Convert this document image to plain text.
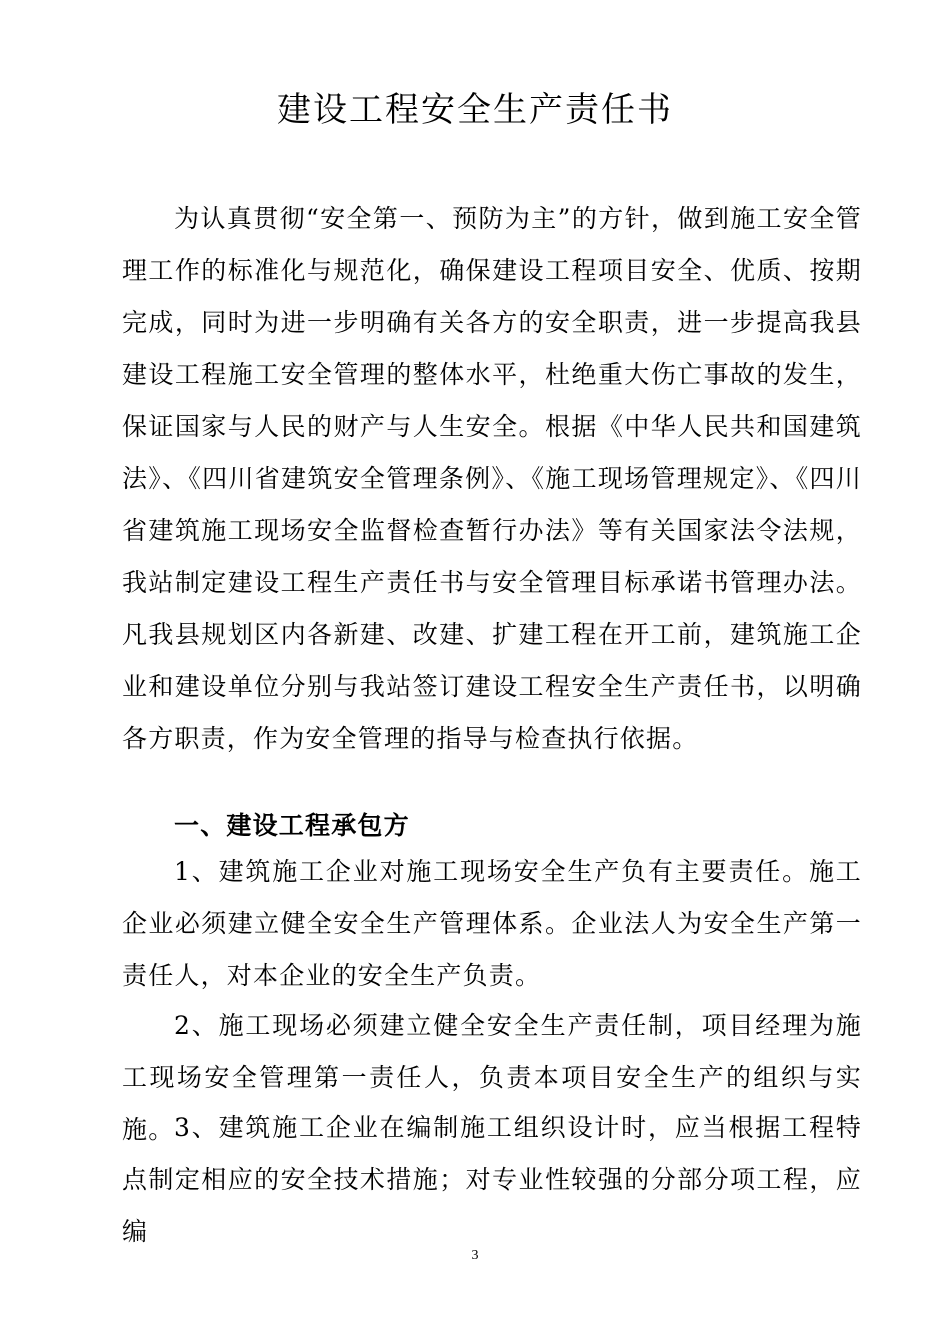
建设工程安全生产责任书

为认真贯彻“安全第一、预防为主”的方针，做到施工安全管理工作的标准化与规范化，确保建设工程项目安全、优质、按期完成，同时为进一步明确有关各方的安全职责，进一步提高我县建设工程施工安全管理的整体水平，杜绝重大伤亡事故的发生，保证国家与人民的财产与人生安全。根据《中华人民共和国建筑法》、《四川省建筑安全管理条例》、《施工现场管理规定》、《四川省建筑施工现场安全监督检查暂行办法》等有关国家法令法规，我站制定建设工程生产责任书与安全管理目标承诺书管理办法。凡我县规划区内各新建、改建、扩建工程在开工前，建筑施工企业和建设单位分别与我站签订建设工程安全生产责任书，以明确各方职责，作为安全管理的指导与检查执行依据。

一、建设工程承包方

1、建筑施工企业对施工现场安全生产负有主要责任。施工企业必须建立健全安全生产管理体系。企业法人为安全生产第一责任人，对本企业的安全生产负责。

2、施工现场必须建立健全安全生产责任制，项目经理为施工现场安全管理第一责任人，负责本项目安全生产的组织与实施。 3、建筑施工企业在编制施工组织设计时，应当根据工程特点制定相应的安全技术措施；对专业性较强的分部分项工程，应编

3
